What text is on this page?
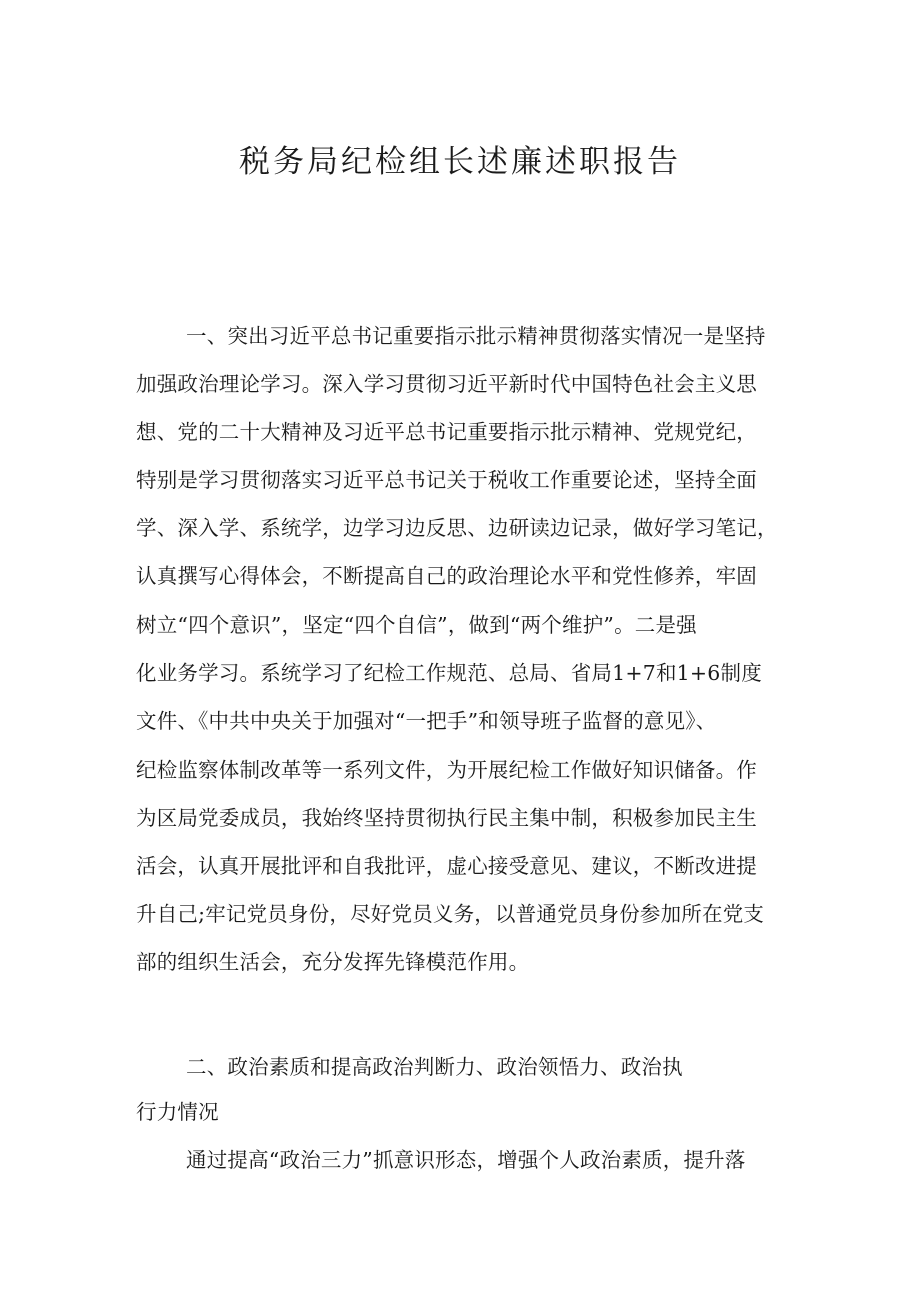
税务局纪检组长述廉述职报告

一、突出习近平总书记重要指示批示精神贯彻落实情况一是坚持

加强政治理论学习。深入学习贯彻习近平新时代中国特色社会主义思

想、党的二十大精神及习近平总书记重要指示批示精神、党规党纪，

特别是学习贯彻落实习近平总书记关于税收工作重要论述，坚持全面

学、深入学、系统学，边学习边反思、边研读边记录，做好学习笔记，

认真撰写心得体会，不断提高自己的政治理论水平和党性修养，牢固

树立“四个意识”，坚定“四个自信”，做到“两个维护”。二是强

化业务学习。系统学习了纪检工作规范、总局、省局1+7和1+6制度

文件、《中共中央关于加强对“一把手”和领导班子监督的意见》、

纪检监察体制改革等一系列文件，为开展纪检工作做好知识储备。作

为区局党委成员，我始终坚持贯彻执行民主集中制，积极参加民主生

活会，认真开展批评和自我批评，虚心接受意见、建议，不断改进提

升自己;牢记党员身份，尽好党员义务，以普通党员身份参加所在党支

部的组织生活会，充分发挥先锋模范作用。

二、政治素质和提高政治判断力、政治领悟力、政治执

行力情况

通过提高“政治三力”抓意识形态，增强个人政治素质，提升落
